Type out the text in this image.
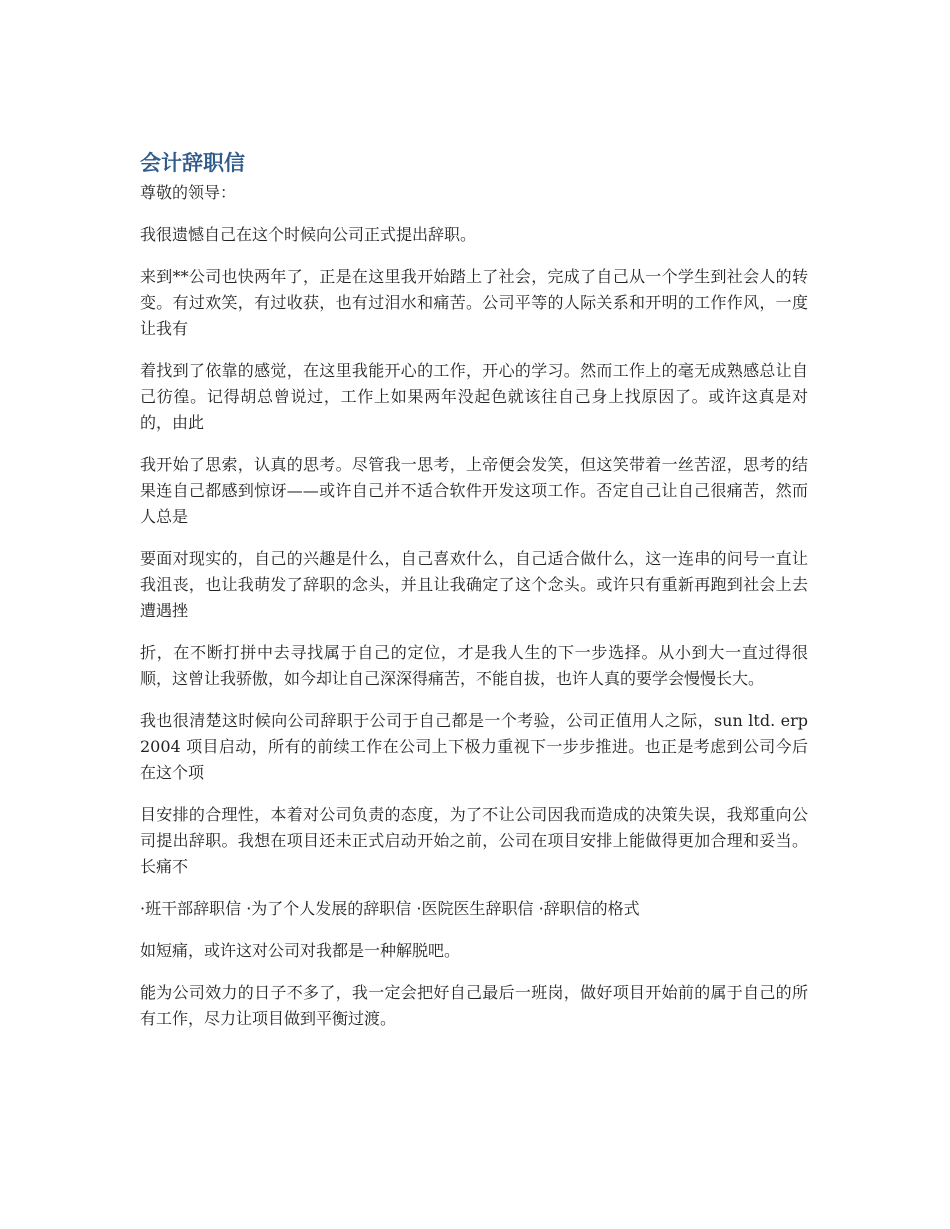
会计辞职信

尊敬的领导：

我很遗憾自己在这个时候向公司正式提出辞职。

来到**公司也快两年了，正是在这里我开始踏上了社会，完成了自己从一个学生到社会人的转变。有过欢笑，有过收获，也有过泪水和痛苦。公司平等的人际关系和开明的工作作风，一度让我有

着找到了依靠的感觉，在这里我能开心的工作，开心的学习。然而工作上的毫无成熟感总让自己彷徨。记得胡总曾说过，工作上如果两年没起色就该往自己身上找原因了。或许这真是对的，由此

我开始了思索，认真的思考。尽管我一思考，上帝便会发笑，但这笑带着一丝苦涩，思考的结果连自己都感到惊讶——或许自己并不适合软件开发这项工作。否定自己让自己很痛苦，然而人总是

要面对现实的，自己的兴趣是什么，自己喜欢什么，自己适合做什么，这一连串的问号一直让我沮丧，也让我萌发了辞职的念头，并且让我确定了这个念头。或许只有重新再跑到社会上去遭遇挫

折，在不断打拼中去寻找属于自己的定位，才是我人生的下一步选择。从小到大一直过得很顺，这曾让我骄傲，如今却让自己深深得痛苦，不能自拔，也许人真的要学会慢慢长大。

我也很清楚这时候向公司辞职于公司于自己都是一个考验，公司正值用人之际，sun ltd. erp 2004 项目启动，所有的前续工作在公司上下极力重视下一步步推进。也正是考虑到公司今后在这个项

目安排的合理性，本着对公司负责的态度，为了不让公司因我而造成的决策失误，我郑重向公司提出辞职。我想在项目还未正式启动开始之前，公司在项目安排上能做得更加合理和妥当。长痛不

·班干部辞职信 ·为了个人发展的辞职信 ·医院医生辞职信 ·辞职信的格式

如短痛，或许这对公司对我都是一种解脱吧。

能为公司效力的日子不多了，我一定会把好自己最后一班岗，做好项目开始前的属于自己的所有工作，尽力让项目做到平衡过渡。
